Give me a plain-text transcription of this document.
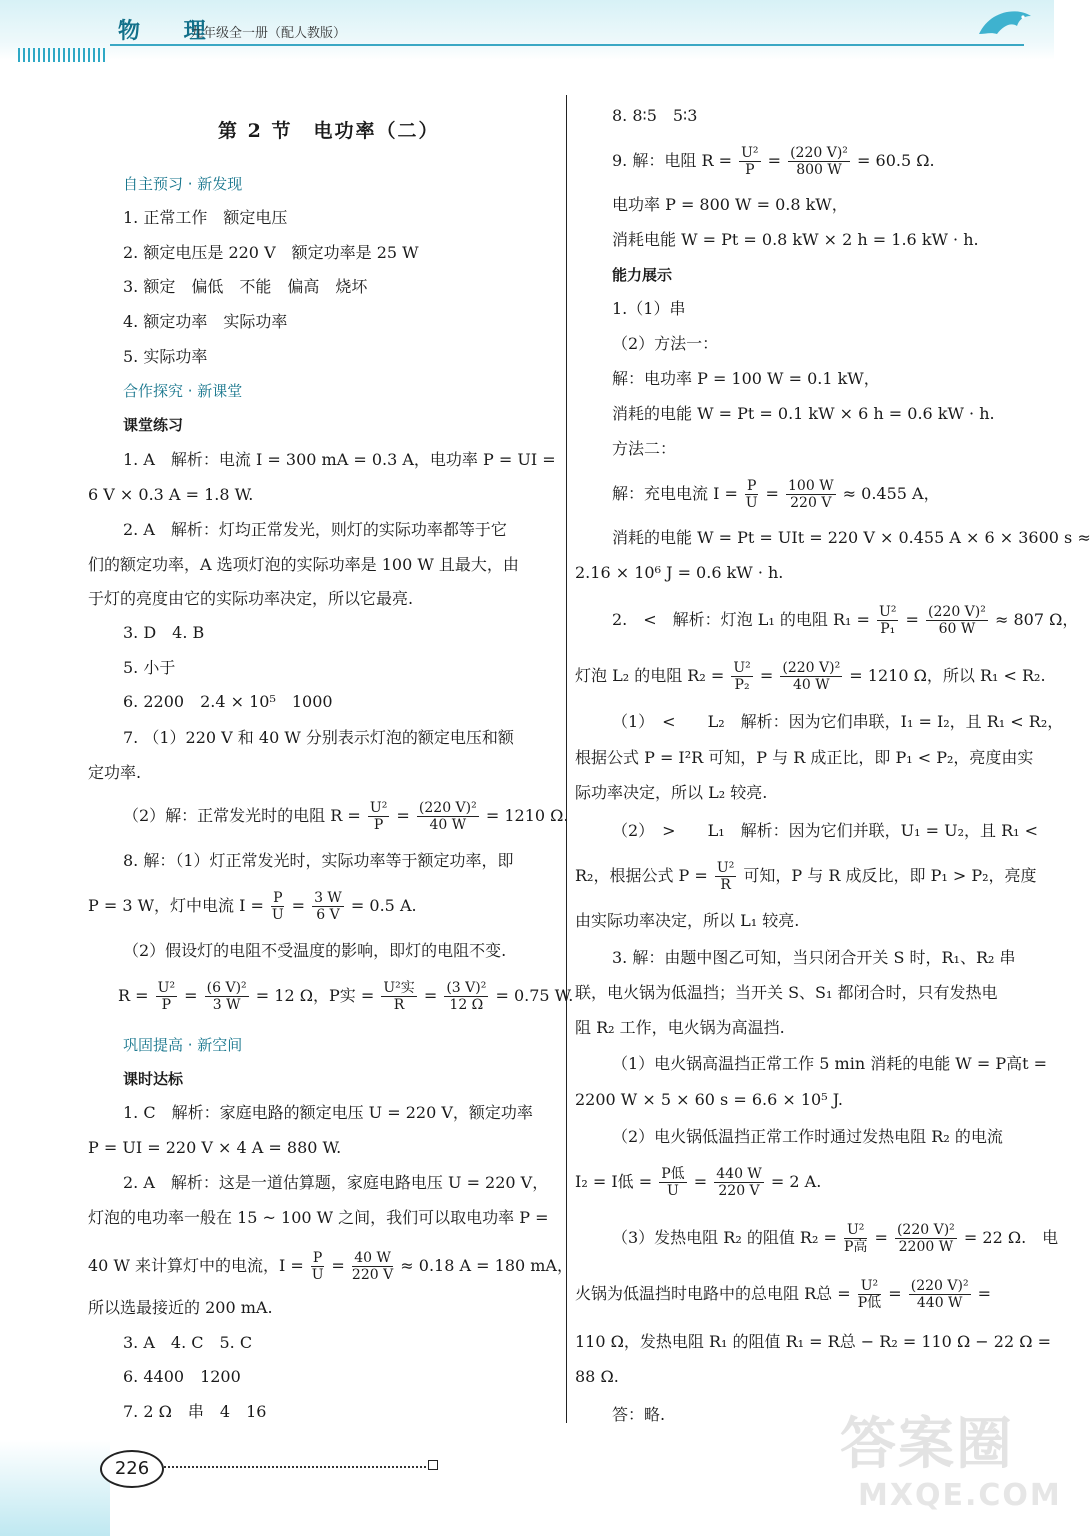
物 理
九年级全一册（配人教版）
第 2 节　电功率（二）
自主预习 · 新发现
1. 正常工作　额定电压
2. 额定电压是 220 V　额定功率是 25 W
3. 额定　偏低　不能　偏高　烧坏
4. 额定功率　实际功率
5. 实际功率
合作探究 · 新课堂
课堂练习
1. A　解析：电流 I = 300 mA = 0.3 A，电功率 P = UI =
6 V × 0.3 A = 1.8 W.
2. A　解析：灯均正常发光，则灯的实际功率都等于它
们的额定功率，A 选项灯泡的实际功率是 100 W 且最大，由
于灯的亮度由它的实际功率决定，所以它最亮.
3. D　4. B
5. 小于
6. 2200　2.4 × 10⁵　1000
7. （1）220 V 和 40 W 分别表示灯泡的额定电压和额
定功率.
（2）解：正常发光时的电阻 $R = \frac{\text{U²}}{P} = \frac{\text{(220 V)²}}{40 W} = 1210$ Ω.
8. 解：（1）灯正常发光时，实际功率等于额定功率，即
P = 3 W，灯中电流 $I = \frac{P}{U} = \frac{3 W}{6 V} = 0.5$ A.
（2）假设灯的电阻不受温度的影响，即灯的电阻不变.
$R = \frac{\text{U²}}{P} = \frac{\text{(6 V)²}}{3 W} = 12$ Ω，P实 = $\frac{\text{U²实}}{R} = \frac{\text{(3 V)²}}{12 \Omega} = 0.75$ W.
巩固提高 · 新空间
课时达标
1. C　解析：家庭电路的额定电压 U = 220 V，额定功率
P = UI = 220 V × 4 A = 880 W.
2. A　解析：这是一道估算题，家庭电路电压 U = 220 V，
灯泡的电功率一般在 15 ~ 100 W 之间，我们可以取电功率 P =
40 W 来计算灯中的电流，$I = \frac{P}{U} = \frac{40 W}{220 V} \approx 0.18$ A = 180 mA，
所以选最接近的 200 mA.
3. A　4. C　5. C
6. 4400　1200
7. 2 Ω　串　4　16
8. 8∶5　5∶3
9. 解：电阻 $R = \frac{\text{U²}}{P} = \frac{\text{(220 V)²}}{800 W} = 60.5$ Ω.
电功率 P = 800 W = 0.8 kW，
消耗电能 W = Pt = 0.8 kW × 2 h = 1.6 kW · h.
能力展示
1.（1）串
（2）方法一：
解：电功率 P = 100 W = 0.1 kW，
消耗的电能 W = Pt = 0.1 kW × 6 h = 0.6 kW · h.
方法二：
解：充电电流 $I = \frac{P}{U} = \frac{100 W}{220 V} \approx 0.455$ A，
消耗的电能 W = Pt = UIt = 220 V × 0.455 A × 6 × 3600 s ≈
2.16 × 10⁶ J = 0.6 kW · h.
2.　<　解析：灯泡 L₁ 的电阻 $R_1 = \frac{\text{U²}}{\text{P₁}} = \frac{\text{(220 V)²}}{60 W} \approx 807$ Ω，
灯泡 L₂ 的电阻 $R_2 = \frac{\text{U²}}{\text{P₂}} = \frac{\text{(220 V)²}}{40 W} = 1210$ Ω，所以 R₁ < R₂.
（1）　<　　L₂　解析：因为它们串联，I₁ = I₂，且 R₁ < R₂，
根据公式 P = I²R 可知，P 与 R 成正比，即 P₁ < P₂，亮度由实
际功率决定，所以 L₂ 较亮.
（2）　>　　L₁　解析：因为它们并联，U₁ = U₂，且 R₁ <
R₂，根据公式 $P = \frac{\text{U²}}{R}$ 可知，P 与 R 成反比，即 P₁ > P₂，亮度
由实际功率决定，所以 L₁ 较亮.
3. 解：由题中图乙可知，当只闭合开关 S 时，R₁、R₂ 串
联，电火锅为低温挡；当开关 S、S₁ 都闭合时，只有发热电
阻 R₂ 工作，电火锅为高温挡.
（1）电火锅高温挡正常工作 5 min 消耗的电能 W = P高t =
2200 W × 5 × 60 s = 6.6 × 10⁵ J.
（2）电火锅低温挡正常工作时通过发热电阻 R₂ 的电流
I₂ = I低 = $\frac{\text{P低}}{U} = \frac{440 W}{220 V} = 2$ A.
（3）发热电阻 R₂ 的阻值 $R_2 = \frac{\text{U²}}{\text{P高}} = \frac{\text{(220 V)²}}{2200 W} = 22$ Ω.　电
火锅为低温挡时电路中的总电阻 R总 = $\frac{\text{U²}}{\text{P低}} = \frac{\text{(220 V)²}}{440 W}$ =
110 Ω，发热电阻 R₁ 的阻值 R₁ = R总 − R₂ = 110 Ω − 22 Ω =
88 Ω.
答：略.
226	答案圈
MXQE.COM
